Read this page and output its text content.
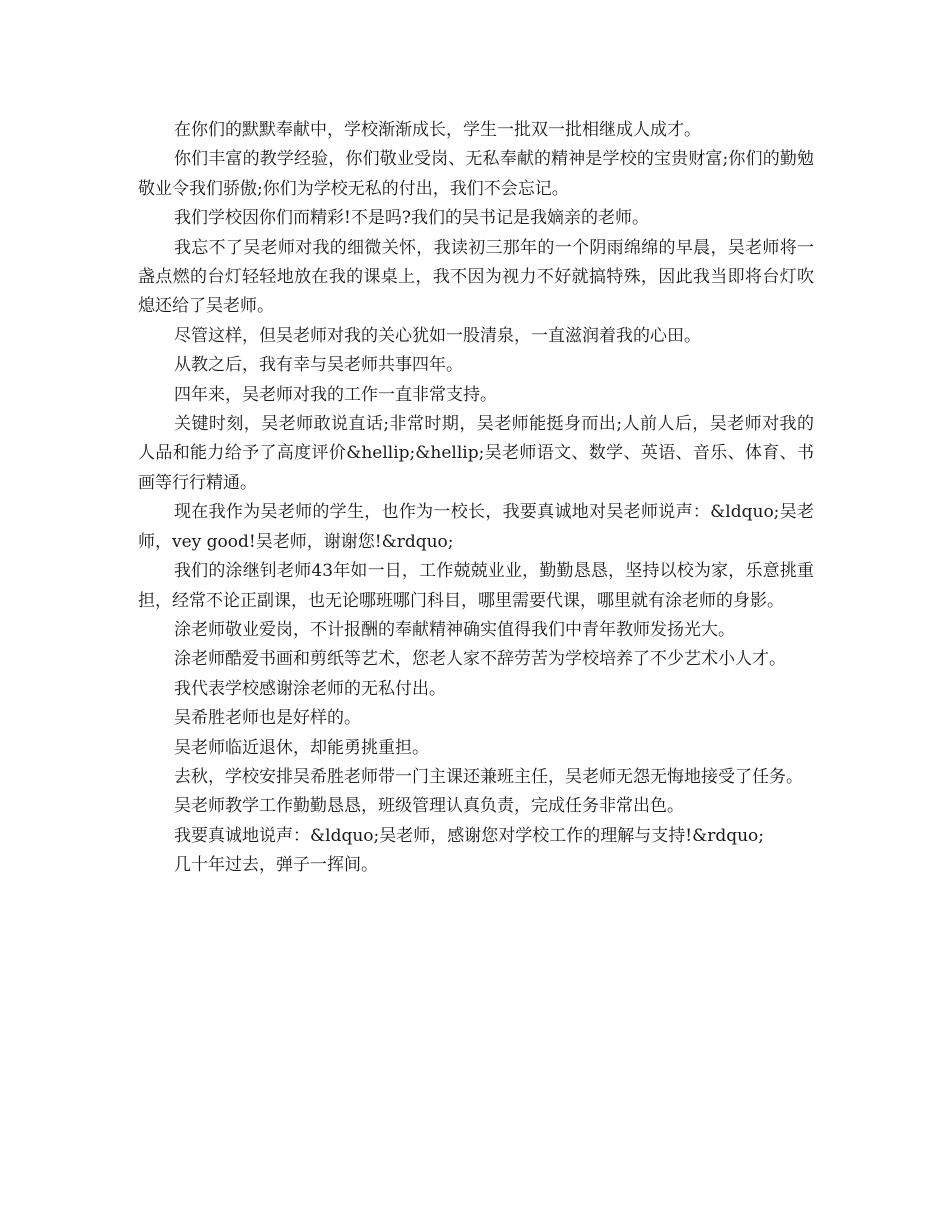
在你们的默默奉献中，学校渐渐成长，学生一批双一批相继成人成才。

你们丰富的教学经验，你们敬业受岗、无私奉献的精神是学校的宝贵财富;你们的勤勉敬业令我们骄傲;你们为学校无私的付出，我们不会忘记。

我们学校因你们而精彩!不是吗?我们的吴书记是我嫡亲的老师。

我忘不了吴老师对我的细微关怀，我读初三那年的一个阴雨绵绵的早晨，吴老师将一盏点燃的台灯轻轻地放在我的课桌上，我不因为视力不好就搞特殊，因此我当即将台灯吹熄还给了吴老师。

尽管这样，但吴老师对我的关心犹如一股清泉，一直滋润着我的心田。

从教之后，我有幸与吴老师共事四年。

四年来，吴老师对我的工作一直非常支持。

关键时刻，吴老师敢说直话;非常时期，吴老师能挺身而出;人前人后，吴老师对我的人品和能力给予了高度评价&hellip;&hellip;吴老师语文、数学、英语、音乐、体育、书画等行行精通。

现在我作为吴老师的学生，也作为一校长，我要真诚地对吴老师说声：&ldquo;吴老师，vey good!吴老师，谢谢您!&rdquo;

我们的涂继钊老师43年如一日，工作兢兢业业，勤勤恳恳，坚持以校为家，乐意挑重担，经常不论正副课，也无论哪班哪门科目，哪里需要代课，哪里就有涂老师的身影。

涂老师敬业爱岗，不计报酬的奉献精神确实值得我们中青年教师发扬光大。

涂老师酷爱书画和剪纸等艺术，您老人家不辞劳苦为学校培养了不少艺术小人才。

我代表学校感谢涂老师的无私付出。

吴希胜老师也是好样的。

吴老师临近退休，却能勇挑重担。

去秋，学校安排吴希胜老师带一门主课还兼班主任，吴老师无怨无悔地接受了任务。

吴老师教学工作勤勤恳恳，班级管理认真负责，完成任务非常出色。

我要真诚地说声：&ldquo;吴老师，感谢您对学校工作的理解与支持!&rdquo;

几十年过去，弹子一挥间。
